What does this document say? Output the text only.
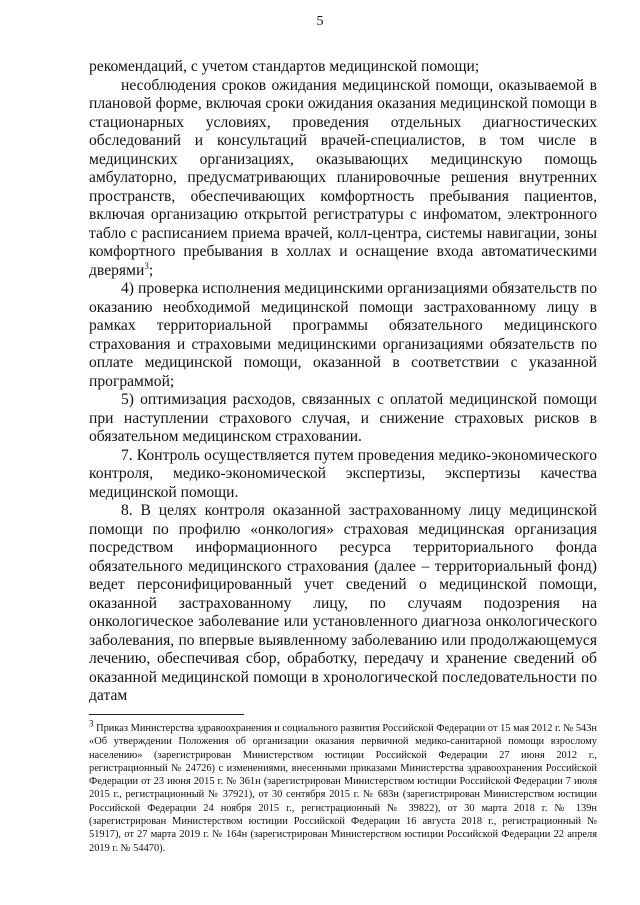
5

рекомендаций, с учетом стандартов медицинской помощи;

несоблюдения сроков ожидания медицинской помощи, оказываемой в плановой форме, включая сроки ожидания оказания медицинской помощи в стационарных условиях, проведения отдельных диагностических обследований и консультаций врачей-специалистов, в том числе в медицинских организациях, оказывающих медицинскую помощь амбулаторно, предусматривающих планировочные решения внутренних пространств, обеспечивающих комфортность пребывания пациентов, включая организацию открытой регистратуры с инфоматом, электронного табло с расписанием приема врачей, колл-центра, системы навигации, зоны комфортного пребывания в холлах и оснащение входа автоматическими дверями$^3$;

4) проверка исполнения медицинскими организациями обязательств по оказанию необходимой медицинской помощи застрахованному лицу в рамках территориальной программы обязательного медицинского страхования и страховыми медицинскими организациями обязательств по оплате медицинской помощи, оказанной в соответствии с указанной программой;

5) оптимизация расходов, связанных с оплатой медицинской помощи при наступлении страхового случая, и снижение страховых рисков в обязательном медицинском страховании.

7. Контроль осуществляется путем проведения медико-экономического контроля, медико-экономической экспертизы, экспертизы качества медицинской помощи.

8. В целях контроля оказанной застрахованному лицу медицинской помощи по профилю «онкология» страховая медицинская организация посредством информационного ресурса территориального фонда обязательного медицинского страхования (далее – территориальный фонд) ведет персонифицированный учет сведений о медицинской помощи, оказанной застрахованному лицу, по случаям подозрения на онкологическое заболевание или установленного диагноза онкологического заболевания, по впервые выявленному заболеванию или продолжающемуся лечению, обеспечивая сбор, обработку, передачу и хранение сведений об оказанной медицинской помощи в хронологической последовательности по датам

$^3$ Приказ Министерства здравоохранения и социального развития Российской Федерации от 15 мая 2012 г. № 543н «Об утверждении Положения об организации оказания первичной медико-санитарной помощи взрослому населению» (зарегистрирован Министерством юстиции Российской Федерации 27 июня 2012 г., регистрационный № 24726) с изменениями, внесенными приказами Министерства здравоохранения Российской Федерации от 23 июня 2015 г. № 361н (зарегистрирован Министерством юстиции Российской Федерации 7 июля 2015 г., регистрационный № 37921), от 30 сентября 2015 г. № 683н (зарегистрирован Министерством юстиции Российской Федерации 24 ноября 2015 г., регистрационный № 39822), от 30 марта 2018 г. № 139н (зарегистрирован Министерством юстиции Российской Федерации 16 августа 2018 г., регистрационный № 51917), от 27 марта 2019 г. № 164н (зарегистрирован Министерством юстиции Российской Федерации 22 апреля 2019 г. № 54470).
